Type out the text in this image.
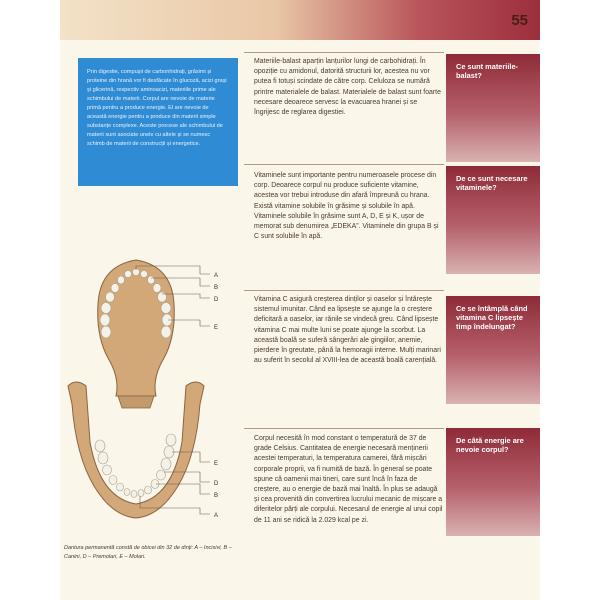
55

Prin digestie, compușii de carbonhidrați, grăsimi și proteine din hrană vor fi desfăcate în glucoză, acizi grași și glicerină, respectiv aminoacizi, materiile prime ale schimbului de materii. Corpul are nevoie de materie primă pentru a produce energie. El are nevoie de această energie pentru a produce din materii simple substanțe complexe. Aceste procese ale schimbului de materii sunt asociate unele cu altele și se numesc schimb de materii de construcții și energetice.

Materiile-balast aparțin lanțurilor lungi de carbohidrați. În opoziție cu amidonul, datorită structurii lor, acestea nu vor putea fi totuși scindate de către corp. Celuloza se numără printre materialele de balast. Materialele de balast sunt foarte necesare deoarece servesc la evacuarea hranei și se îngrijesc de reglarea digestiei.

Ce sunt materiile-balast?

Vitaminele sunt importante pentru numeroasele procese din corp. Deoarece corpul nu produce suficiente vitamine, acestea vor trebui introduse din afară împreună cu hrana. Există vitamine solubile în grăsime și solubile în apă. Vitaminele solubile în grăsime sunt A, D, E și K, ușor de memorat sub denumirea „EDEKA”. Vitaminele din grupa B și C sunt solubile în apă.

De ce sunt necesare vitaminele?

Vitamina C asigură creșterea dinților și oaselor și întărește sistemul imunitar. Când ea lipsește se ajunge la o creștere deficitară a oaselor, iar rănile se vindecă greu. Când lipsește vitamina C mai multe luni se poate ajunge la scorbut. La această boală se suferă sângerări ale gingiilor, anemie, pierdere în greutate, până la hemoragii interne. Mulți marinari au suferit în secolul al XVIII-lea de această boală carențială.

Ce se întâmplă când vitamina C lipsește timp îndelungat?

Corpul necesită în mod constant o temperatură de 37 de grade Celsius. Cantitatea de energie necesară menținerii acestei temperaturi, la temperatura camerei, fără mișcări corporale proprii, va fi numită de bază. În general se poate spune că oamenii mai tineri, care sunt încă în faza de creștere, au o energie de bază mai înaltă. În plus se adaugă și cea provenită din convertirea lucrului mecanic de mișcare a diferitelor părți ale corpului. Necesarul de energie al unui copil de 11 ani se ridică la 2.029 kcal pe zi.

De câtă energie are nevoie corpul?
A
B
D
E
E
D
B
A
Dantura permanentă constă de obicei din 32 de dinți: A – Incisivi, B – Canini, D – Premolari, E – Molari.
